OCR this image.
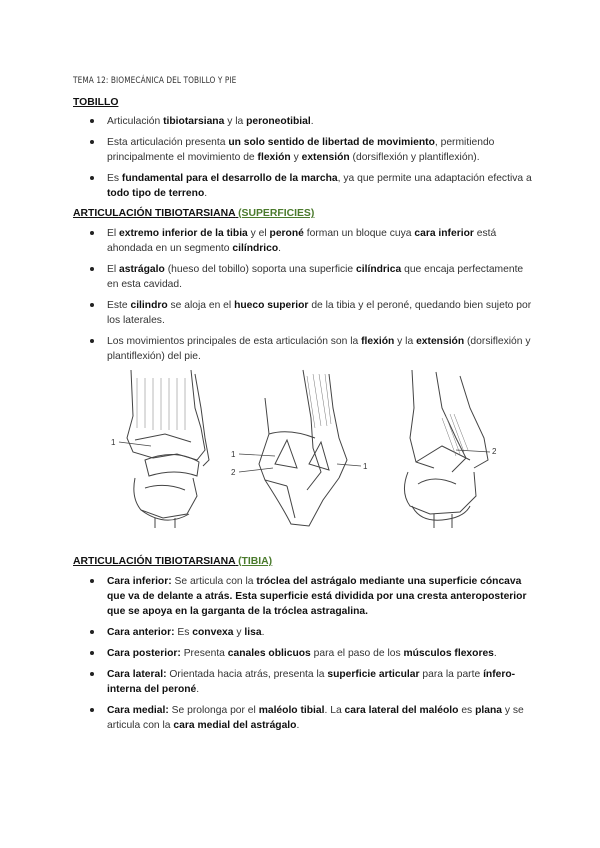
TEMA 12: BIOMECÁNICA DEL TOBILLO Y PIE
TOBILLO
Articulación tibiotarsiana y la peroneotibial.
Esta articulación presenta un solo sentido de libertad de movimiento, permitiendo principalmente el movimiento de flexión y extensión (dorsiflexión y plantiflexión).
Es fundamental para el desarrollo de la marcha, ya que permite una adaptación efectiva a todo tipo de terreno.
ARTICULACIÓN TIBIOTARSIANA (SUPERFICIES)
El extremo inferior de la tibia y el peroné forman un bloque cuya cara inferior está ahondada en un segmento cilíndrico.
El astrágalo (hueso del tobillo) soporta una superficie cilíndrica que encaja perfectamente en esta cavidad.
Este cilindro se aloja en el hueco superior de la tibia y el peroné, quedando bien sujeto por los laterales.
Los movimientos principales de esta articulación son la flexión y la extensión (dorsiflexión y plantiflexión) del pie.
1
1
2
1
2
ARTICULACIÓN TIBIOTARSIANA (TIBIA)
Cara inferior: Se articula con la tróclea del astrágalo mediante una superficie cóncava que va de delante a atrás. Esta superficie está dividida por una cresta anteroposterior que se apoya en la garganta de la tróclea astragalina.
Cara anterior: Es convexa y lisa.
Cara posterior: Presenta canales oblicuos para el paso de los músculos flexores.
Cara lateral: Orientada hacia atrás, presenta la superficie articular para la parte ínfero-interna del peroné.
Cara medial: Se prolonga por el maléolo tibial. La cara lateral del maléolo es plana y se articula con la cara medial del astrágalo.
